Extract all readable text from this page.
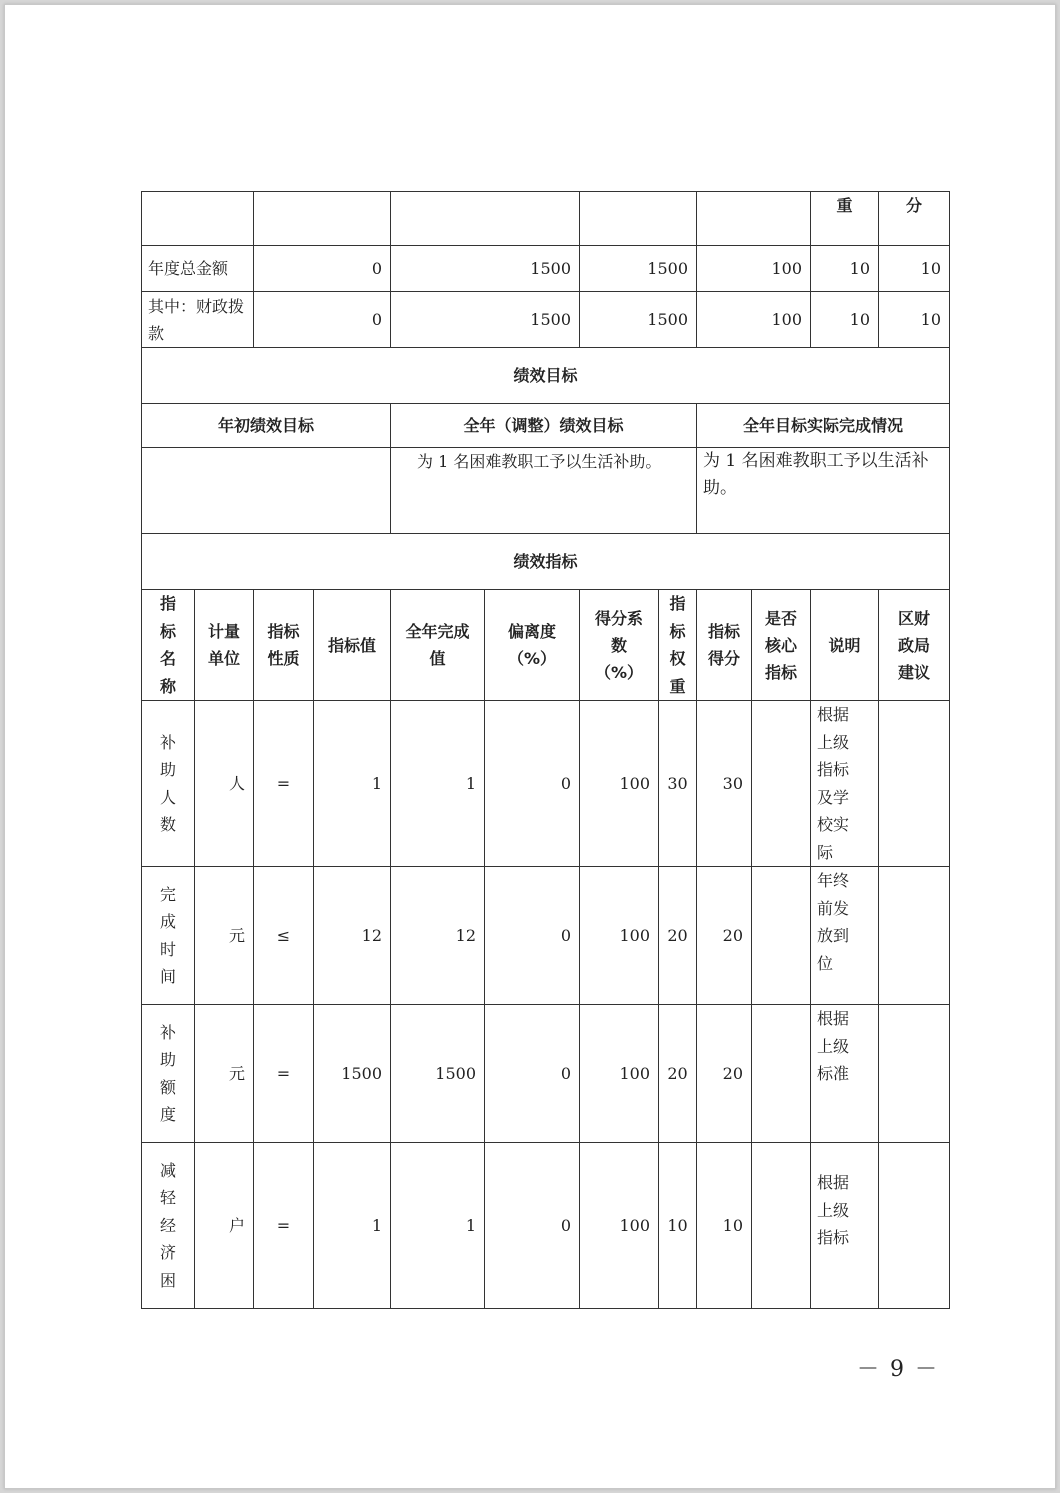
										重	分
年度总金额		0		1500		1500		100		10	10

其中：财政拨款		0		1500		1500		100		10	10
绩效目标											
年初绩效目标				全年（调整）绩效目标				全年目标实际完成情况			
				为 1 名困难教职工予以生活补助。				为 1 名困难教职工予以生活补助。			
绩效指标											

指标名称	计量单位	指标性质	指标值	全年完成值	偏离度（%）	得分系数（%）	指标权重	指标得分	是否核心指标	说明	区财政局建议

补助人数	人	=	1	1	0	100	30	30		根据上级指标及学校实际	

完成时间	元	≤	12	12	0	100	20	20		年终前发放到位	

补助额度	元	=	1500	1500	0	100	20	20		根据上级标准	

减轻经济困	户	=	1	1	0	100	10	10		根据上级指标	

－ 9 －
